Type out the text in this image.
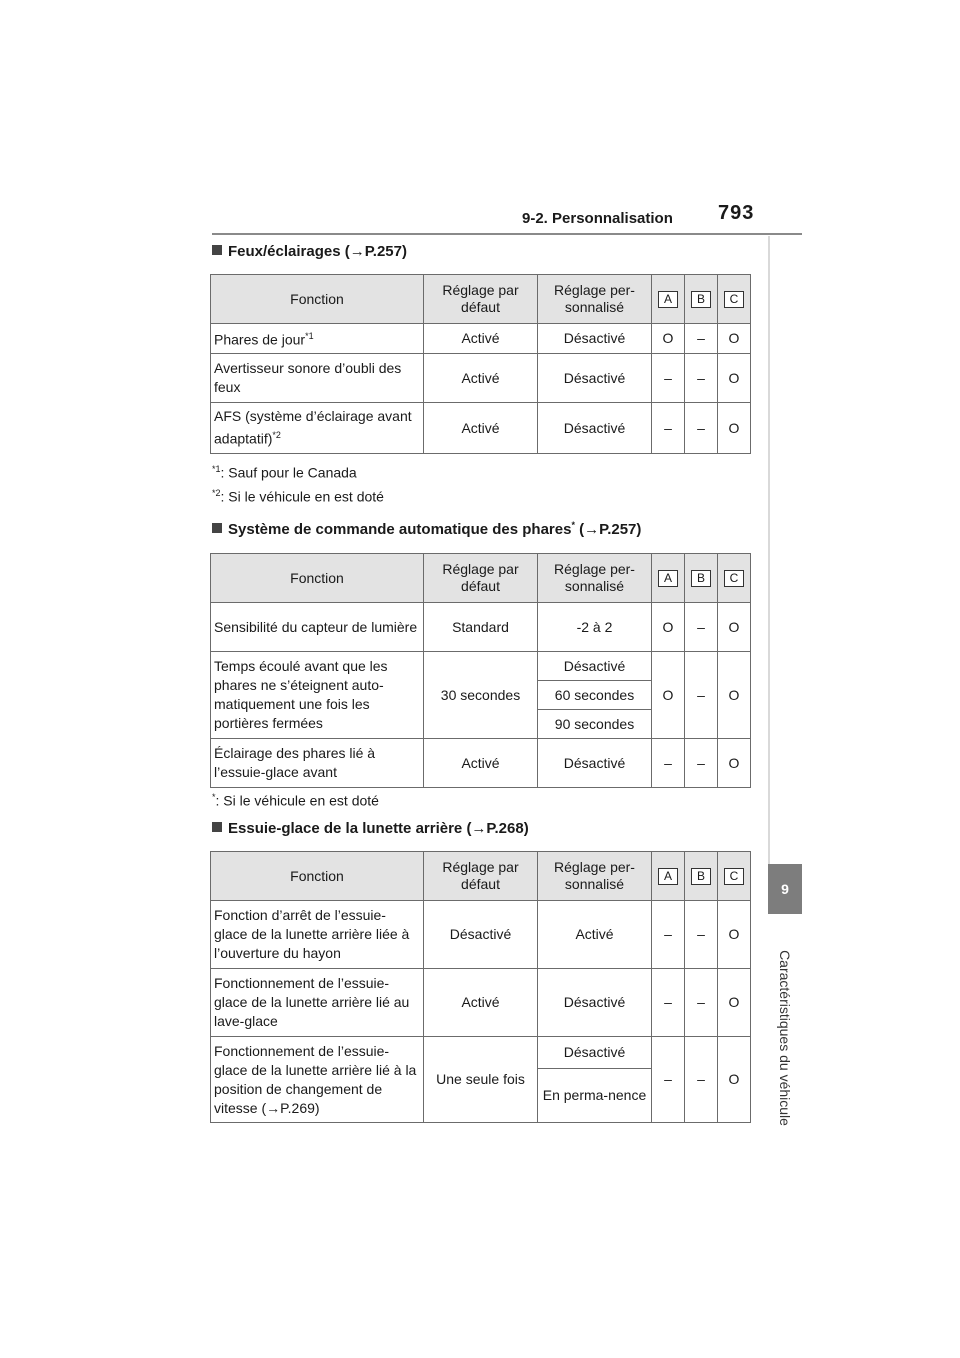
9-2. Personnalisation 793
9
Caractéristiques du véhicule
Feux/éclairages (→P.257)
Fonction	Réglage par défaut	Réglage per-sonnalisé	A	B	C
Phares de jour$^{*1}$	Activé	Désactivé	O	–	O
Avertisseur sonore d’oubli des feux	Activé	Désactivé	–	–	O
AFS (système d’éclairage avant adaptatif)$^{*2}$	Activé	Désactivé	–	–	O
$^{*1}$: Sauf pour le Canada
$^{*2}$: Si le véhicule en est doté
Système de commande automatique des phares* (→P.257)
Fonction	Réglage par défaut	Réglage per-sonnalisé	A	B	C
Sensibilité du capteur de lumière	Standard	-2 à 2	O	–	O
Temps écoulé avant que les phares ne s’éteignent auto-matiquement une fois les portières fermées	30 secondes	Désactivé	O	–	O
		60 secondes			
		90 secondes			
Éclairage des phares lié à l’essuie-glace avant	Activé	Désactivé	–	–	O
*: Si le véhicule en est doté
Essuie-glace de la lunette arrière (→P.268)
Fonction	Réglage par défaut	Réglage per-sonnalisé	A	B	C
Fonction d’arrêt de l’essuie-glace de la lunette arrière liée à l’ouverture du hayon	Désactivé	Activé	–	–	O
Fonctionnement de l’essuie-glace de la lunette arrière lié au lave-glace	Activé	Désactivé	–	–	O
Fonctionnement de l’essuie-glace de la lunette arrière lié à la position de changement de vitesse (→P.269)	Une seule fois	Désactivé	–	–	O
		En perma-nence			
